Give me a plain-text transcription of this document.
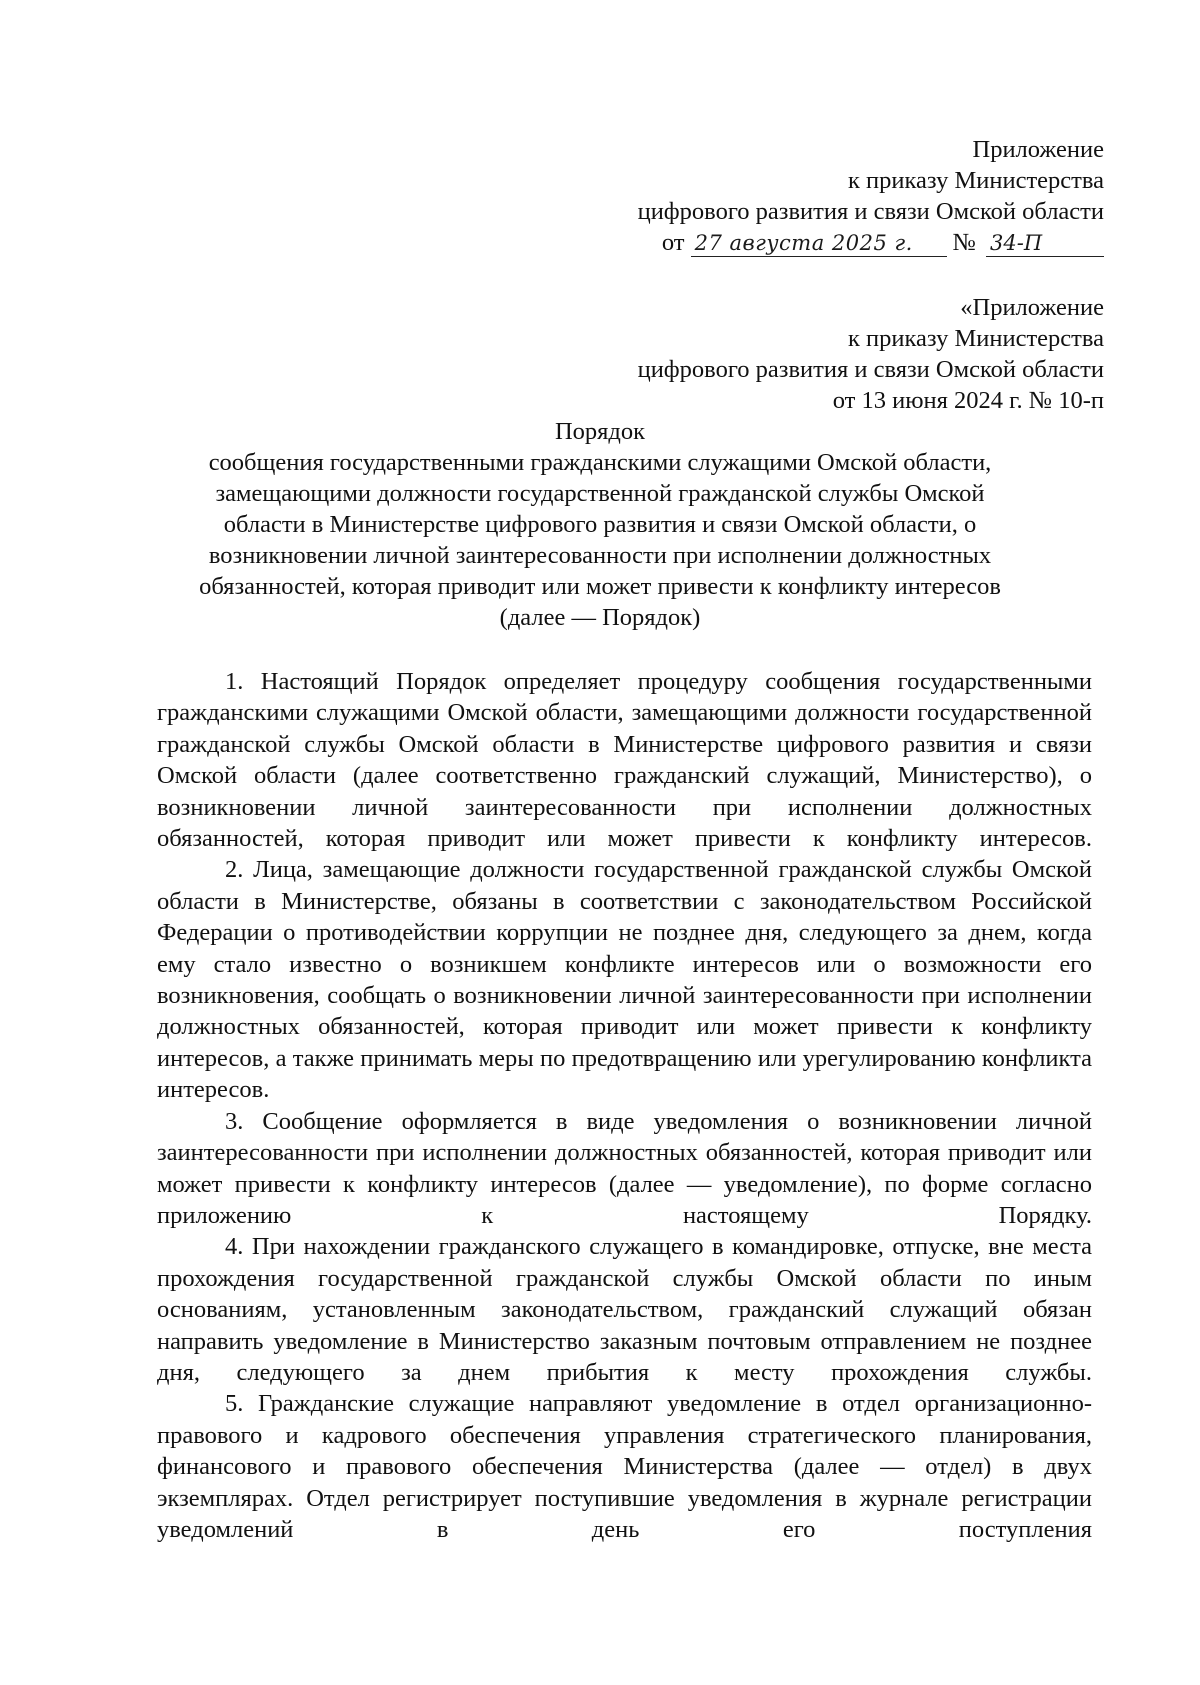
Приложение
к приказу Министерства
цифрового развития и связи Омской области
от 27 августа 2025 г. № 34-П
«Приложение
к приказу Министерства
цифрового развития и связи Омской области
от 13 июня 2024 г. № 10-п
Порядок
сообщения государственными гражданскими служащими Омской области,
замещающими должности государственной гражданской службы Омской
области в Министерстве цифрового развития и связи Омской области, о
возникновении личной заинтересованности при исполнении должностных
обязанностей, которая приводит или может привести к конфликту интересов
(далее — Порядок)

1. Настоящий Порядок определяет процедуру сообщения государственными гражданскими служащими Омской области, замещающими должности государственной гражданской службы Омской области в Министерстве цифрового развития и связи Омской области (далее соответственно гражданский служащий, Министерство), о возникновении личной заинтересованности при исполнении должностных обязанностей, которая приводит или может привести к конфликту интересов.

2. Лица, замещающие должности государственной гражданской службы Омской области в Министерстве, обязаны в соответствии с законодательством Российской Федерации о противодействии коррупции не позднее дня, следующего за днем, когда ему стало известно о возникшем конфликте интересов или о возможности его возникновения, сообщать о возникновении личной заинтересованности при исполнении должностных обязанностей, которая приводит или может привести к конфликту интересов, а также принимать меры по предотвращению или урегулированию конфликта интересов.

3. Сообщение оформляется в виде уведомления о возникновении личной заинтересованности при исполнении должностных обязанностей, которая приводит или может привести к конфликту интересов (далее — уведомление), по форме согласно приложению к настоящему Порядку.

4. При нахождении гражданского служащего в командировке, отпуске, вне места прохождения государственной гражданской службы Омской области по иным основаниям, установленным законодательством, гражданский служащий обязан направить уведомление в Министерство заказным почтовым отправлением не позднее дня, следующего за днем прибытия к месту прохождения службы.

5. Гражданские служащие направляют уведомление в отдел организационно-правового и кадрового обеспечения управления стратегического планирования, финансового и правового обеспечения Министерства (далее — отдел) в двух экземплярах. Отдел регистрирует поступившие уведомления в журнале регистрации уведомлений в день его поступления
